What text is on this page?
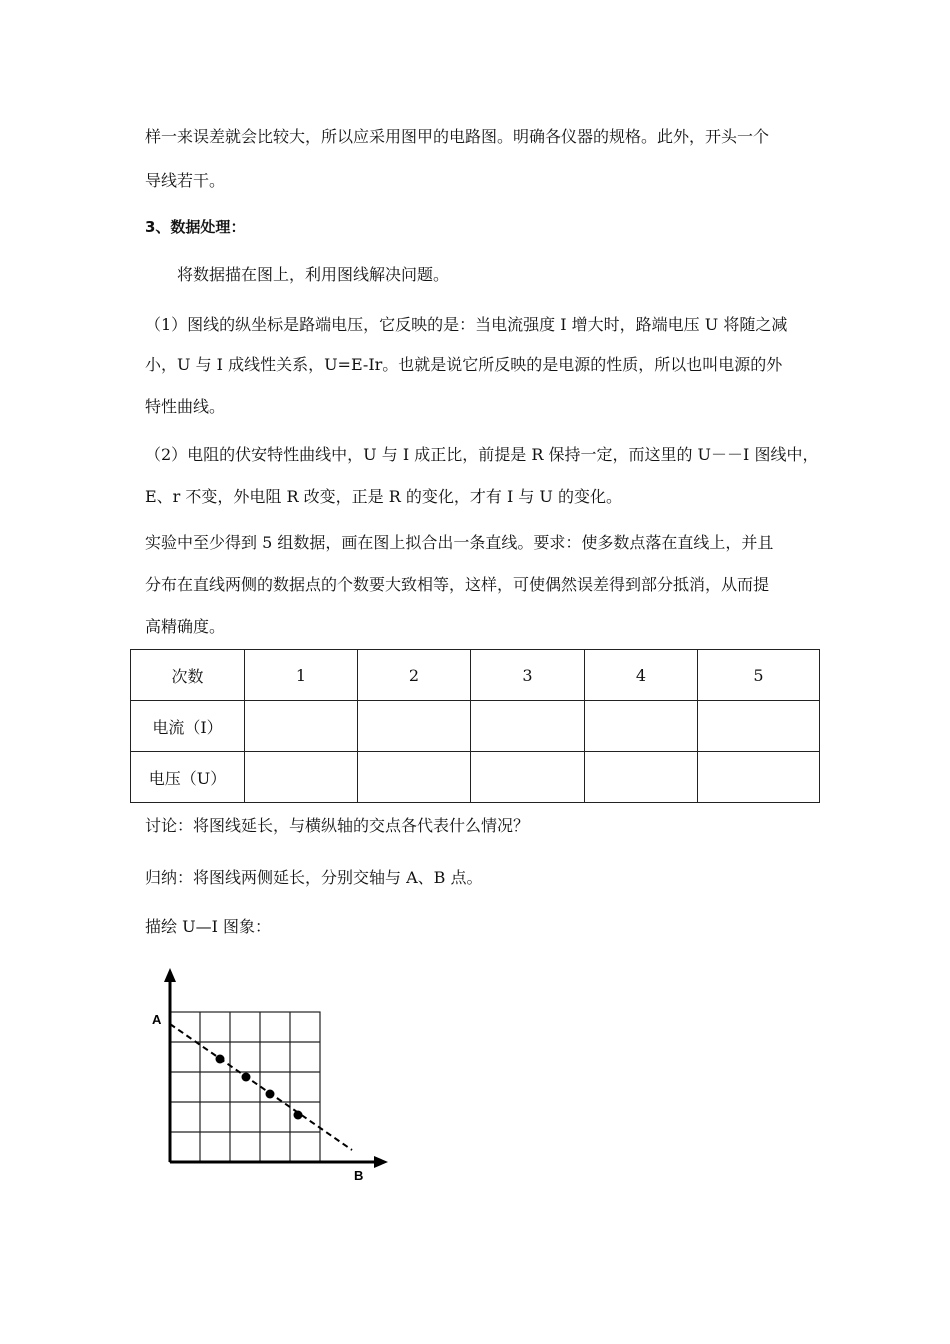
样一来误差就会比较大，所以应采用图甲的电路图。明确各仪器的规格。此外，开头一个
导线若干。
3、数据处理：
将数据描在图上，利用图线解决问题。
（1）图线的纵坐标是路端电压，它反映的是：当电流强度 I 增大时，路端电压 U 将随之减
小，U 与 I 成线性关系，U=E-Ir。也就是说它所反映的是电源的性质，所以也叫电源的外
特性曲线。
（2）电阻的伏安特性曲线中，U 与 I 成正比，前提是 R 保持一定，而这里的 U－－I 图线中，
E、r 不变，外电阻 R 改变，正是 R 的变化，才有 I 与 U 的变化。
实验中至少得到 5 组数据，画在图上拟合出一条直线。要求：使多数点落在直线上，并且
分布在直线两侧的数据点的个数要大致相等，这样，可使偶然误差得到部分抵消，从而提
高精确度。
次数	1	2	3	4	5
电流（I）					
电压（U）					
讨论：将图线延长，与横纵轴的交点各代表什么情况？
归纳：将图线两侧延长，分别交轴与 A、B 点。
描绘 U—I 图象：
A
B
